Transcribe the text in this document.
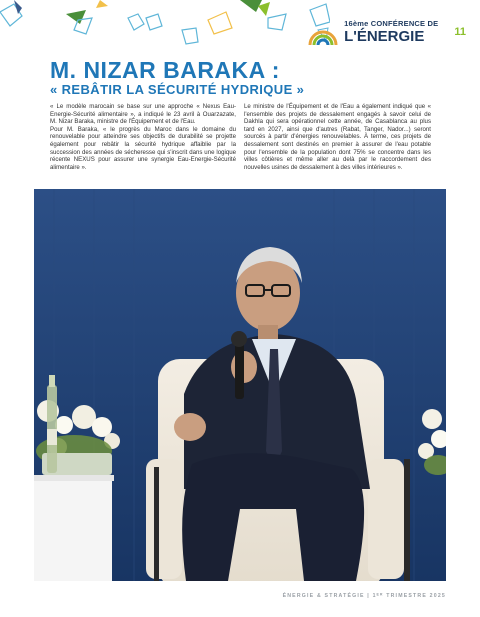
16ème CONFÉRENCE DE
L'ÉNERGIE	11
M. NIZAR BARAKA :
« REBÂTIR LA SÉCURITÉ HYDRIQUE »

« Le modèle marocain se base sur une approche « Nexus Eau-Energie-Sécurité alimentaire », a indiqué le 23 avril à Ouarzazate, M. Nizar Baraka, ministre de l'Équipement et de l'Eau.

Pour M. Baraka, « le progrès du Maroc dans le domaine du renouvelable pour atteindre ses objectifs de durabilité se projette également pour rebâtir la sécurité hydrique affaiblie par la succession des années de sécheresse qui s'inscrit dans une logique récente NEXUS pour assurer une synergie Eau-Energie-Sécurité alimentaire ».

Le ministre de l'Équipement et de l'Eau a également indiqué que « l'ensemble des projets de dessalement engagés à savoir celui de Dakhla qui sera opérationnel cette année, de Casablanca au plus tard en 2027, ainsi que d'autres (Rabat, Tanger, Nador...) seront sourcés à partir d'énergies renouvelables. À terme, ces projets de dessalement sont destinés en premier à assurer de l'eau potable pour l'ensemble de la population dont 75% se concentre dans les villes côtières et même aller au delà par le raccordement des nouvelles usines de dessalement à des villes intérieures ».

ÉNERGIE & STRATÉGIE | 1ᴱᴿ TRIMESTRE 2025
